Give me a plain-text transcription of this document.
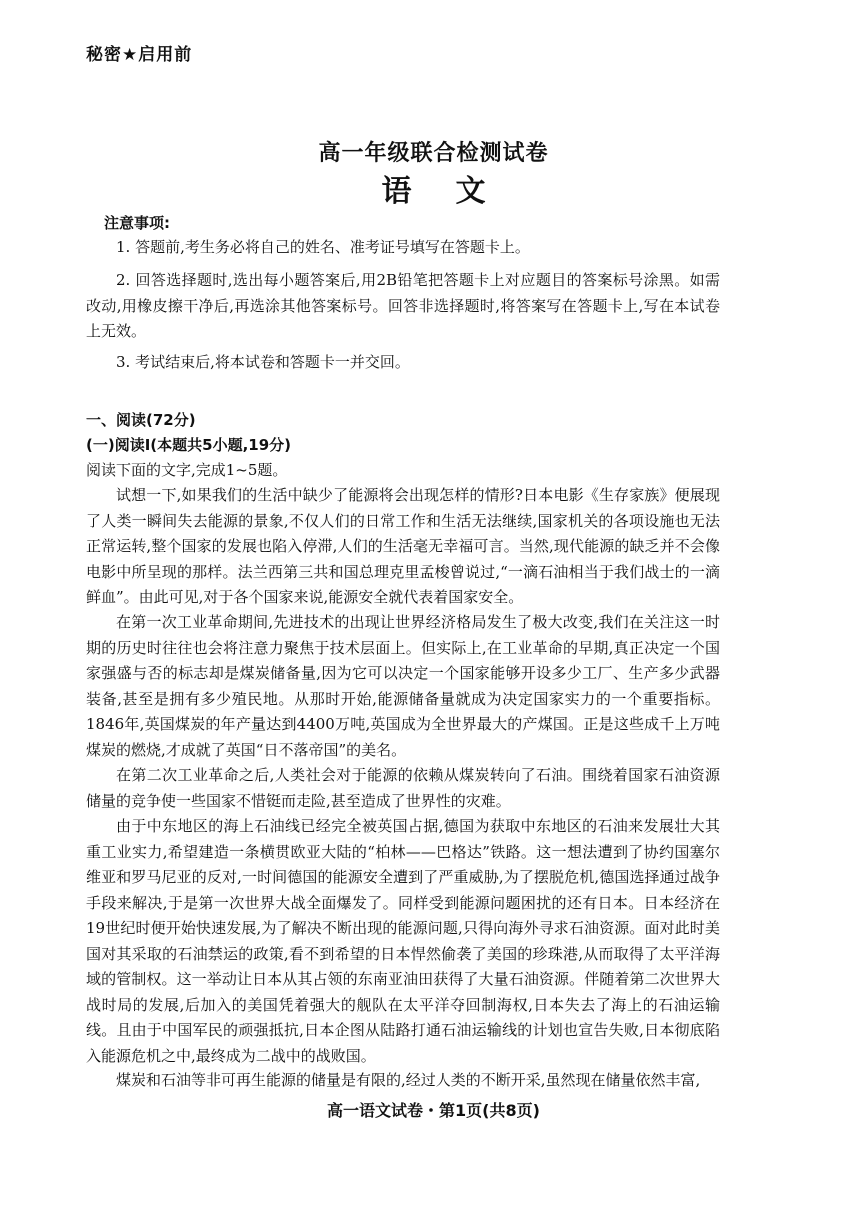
秘密★启用前
高一年级联合检测试卷
语文
注意事项:

1. 答题前,考生务必将自己的姓名、准考证号填写在答题卡上。

2. 回答选择题时,选出每小题答案后,用2B铅笔把答题卡上对应题目的答案标号涂黑。如需改动,用橡皮擦干净后,再选涂其他答案标号。回答非选择题时,将答案写在答题卡上,写在本试卷上无效。

3. 考试结束后,将本试卷和答题卡一并交回。

一、阅读(72分)
(一)阅读Ⅰ(本题共5小题,19分)
阅读下面的文字,完成1~5题。

试想一下,如果我们的生活中缺少了能源将会出现怎样的情形?日本电影《生存家族》便展现了人类一瞬间失去能源的景象,不仅人们的日常工作和生活无法继续,国家机关的各项设施也无法正常运转,整个国家的发展也陷入停滞,人们的生活毫无幸福可言。当然,现代能源的缺乏并不会像电影中所呈现的那样。法兰西第三共和国总理克里孟梭曾说过,“一滴石油相当于我们战士的一滴鲜血”。由此可见,对于各个国家来说,能源安全就代表着国家安全。

在第一次工业革命期间,先进技术的出现让世界经济格局发生了极大改变,我们在关注这一时期的历史时往往也会将注意力聚焦于技术层面上。但实际上,在工业革命的早期,真正决定一个国家强盛与否的标志却是煤炭储备量,因为它可以决定一个国家能够开设多少工厂、生产多少武器装备,甚至是拥有多少殖民地。从那时开始,能源储备量就成为决定国家实力的一个重要指标。1846年,英国煤炭的年产量达到4400万吨,英国成为全世界最大的产煤国。正是这些成千上万吨煤炭的燃烧,才成就了英国“日不落帝国”的美名。

在第二次工业革命之后,人类社会对于能源的依赖从煤炭转向了石油。围绕着国家石油资源储量的竞争使一些国家不惜铤而走险,甚至造成了世界性的灾难。

由于中东地区的海上石油线已经完全被英国占据,德国为获取中东地区的石油来发展壮大其重工业实力,希望建造一条横贯欧亚大陆的“柏林——巴格达”铁路。这一想法遭到了协约国塞尔维亚和罗马尼亚的反对,一时间德国的能源安全遭到了严重威胁,为了摆脱危机,德国选择通过战争手段来解决,于是第一次世界大战全面爆发了。同样受到能源问题困扰的还有日本。日本经济在19世纪时便开始快速发展,为了解决不断出现的能源问题,只得向海外寻求石油资源。面对此时美国对其采取的石油禁运的政策,看不到希望的日本悍然偷袭了美国的珍珠港,从而取得了太平洋海域的管制权。这一举动让日本从其占领的东南亚油田获得了大量石油资源。伴随着第二次世界大战时局的发展,后加入的美国凭着强大的舰队在太平洋夺回制海权,日本失去了海上的石油运输线。且由于中国军民的顽强抵抗,日本企图从陆路打通石油运输线的计划也宣告失败,日本彻底陷入能源危机之中,最终成为二战中的战败国。

煤炭和石油等非可再生能源的储量是有限的,经过人类的不断开采,虽然现在储量依然丰富,

高一语文试卷・第1页(共8页)
